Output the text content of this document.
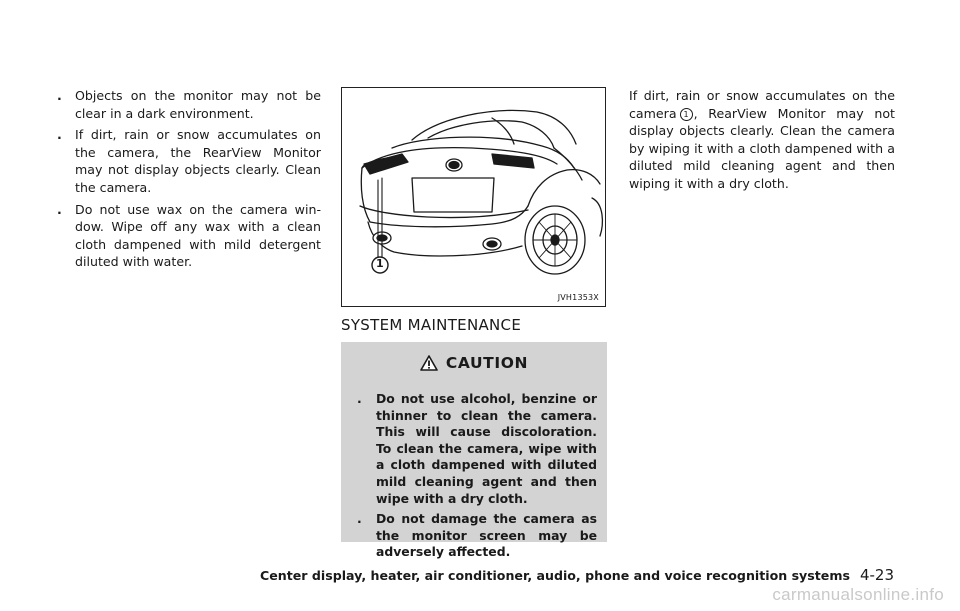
. Objects on the monitor may not be clear in a dark environment.
. If dirt, rain or snow accumulates on the camera, the RearView Monitor may not display objects clearly. Clean the camera.
. Do not use wax on the camera win- dow. Wipe off any wax with a clean cloth dampened with mild detergent diluted with water.	1
JVH1353X
SYSTEM MAINTENANCE
CAUTION
. Do not use alcohol, benzine or thinner to clean the camera. This will cause discoloration. To clean the camera, wipe with a cloth dampened with diluted mild cleaning agent and then wipe with a dry cloth.
. Do not damage the camera as the monitor screen may be adversely affected.

If dirt, rain or snow accumulates on the camera 1 , RearView Monitor may not display objects clearly. Clean the camera by wiping it with a cloth dampened with a diluted mild cleaning agent and then wiping it with a dry cloth.

Center display, heater, air conditioner, audio, phone and voice recognition systems 4-23
carmanualsonline.info
